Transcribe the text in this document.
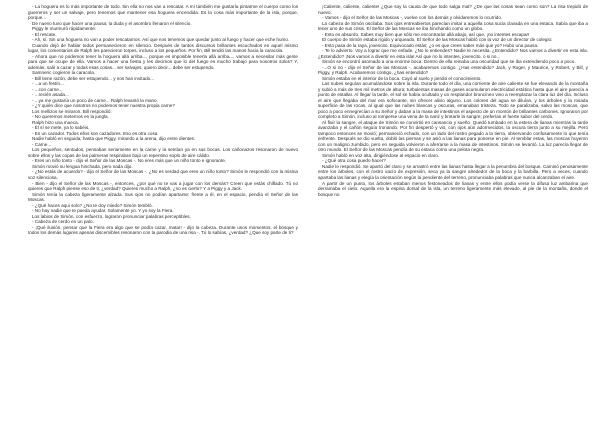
- La hoguera es lo más importante de todo. Sin ella no nos van a rescatar. A mí también me gustaría pintarme el cuerpo como los guerreros y ser un salvaje, pero tenemos que mantener esa hoguera encendida. Es la cosa más importante de la isla, porque, porque...

De nuevo tuvo que hacer una pausa; la duda y el asombro llenaron el silencio.

Piggy le murmuró rápidamente:

- El rescate.

- Ah, sí. Sin una hoguera no van a poder rescatarnos. Así que nos tenemos que quedar junto al fuego y hacer que eche humo.

Cuando dejó de hablar todos permanecieron en silencio. Después de tantos discursos brillantes escuchados en aquel mismo lugar, los comentarios de Ralph les parecieron torpes, incluso a los pequeños. Por fin, Bill tendió las manos hacia la caracola.

- Ahora que no podemos tener la hoguera allá arriba..., porque es imposible tenerla allá arriba..., vamos a necesitar más gente para que se ocupe de ella. Vamos a hacer una fiesta y les decimos que lo del fuego es mucho trabajo para nosotros solos? Y, además, salir a cazar y todas esas cosas... ser salvajes, quiero decir... debe ser estupendo.

Samneric cogieron la caracola.

- Bill tiene razón, debe ser estupendo... y nos han invitado...

- ...a un festín...

- ...con carne...

- ...recién asada...

- ...ya me gustaría un poco de carne... Ralph levantó la mano.

- ¿Y quién dice que nosotros no podemos tener nuestra propia carne?

Los mellizos se miraron. Bill respondió:

- No queremos meternos en la jungla.

Ralph hizo una mueca.

- Él sí se mete, ya lo sabéis.

- Es un cazador. Todos ellos son cazadores. Eso es otra cosa.

Nadie habló en seguida; hasta que Piggy, mirando a la arena, dijo entre dientes:

- Carne...

Los pequeños, sentados, pensaban seriamente en la carne y la sentían ya en sus bocas. Los cañonazos resonaron de nuevo sobre ellos y las copas de las palmeras respiraban bajo un repentino soplo de aire cálido.

- Eres un niño tonto - dijo el Señor de las Moscas -. No eres más que un niño tonto e ignorante.

Simón movió su lengua hinchada, pero nada dijo.

- ¿No estás de acuerdo? - dijo el Señor de las Moscas -. ¿No es verdad que eres un niño tonto? Simón le respondió con la misma voz silenciosa.

- Bien - dijo el Señor de las Moscas -, entonces, ¿por qué no te vas a jugar con los demás? Creen que estás chiflado. Tú no quieres que Ralph piense eso de ti, ¿verdad? Quieres mucho a Ralph, ¿no es cierto? Y a Piggy y a Jack.

Simón tenía la cabeza ligeramente alzada. Sus ojos no podían apartarse; frente a él, en el espacio, pendía el Señor de las Moscas.

- ¿Qué haces aqui solo? ¿No te doy miedo? Simón tembló.

- No hay nadie que te pueda ayudar. Solamente yo. Y yo soy la Fiera.

Los labios de Simón, con esfuerzo, lograron pronunciar palabras perceptibles.

- Cabeza de cerdo en un palo.

- ¡Qué ilusión, pensar que la Fiera era algo que se podía cazar, matar! - dijo la cabeza. Durante unos momentos, el bosque y todos los demás lugares apenas discernibles resonaron con la parodia de una risa -. Tú lo sabías, ¿verdad? ¿Que soy parte de ti?

¡Caliente, caliente, caliente! ¿Que soy la causa de que todo salga mal? ¿De que las cosas sean como son? La risa trepidó de nuevo.

- Vamos - dijo el Señor de las Moscas -, vuelve con los demás y olvidaremos lo ocurrido.

La cabeza de Simón oscilaba. Sus ojos entreabiertos parecían imitar a aquella cosa sucia clavada en una estaca. Sabía que iba a tener uno de sus crisis. El Señor de las Moscas se iba hinchando como un globo.

- Esto es absurdo. Sabes muy bien que sólo me encontrarás allá abajo, así que, ¡no intentes escapar!

El cuerpo de Simón estaba rígido y arqueado. El Señor de las Moscas habló con la voz de un director de colegio:

- Esto pasa de la raya, jovencito. Equivocado estás; ¿o es que crees saber más que yo? Hubo una pausa.

- Te lo advierto. Voy a lograr que me enfade. ¿No lo entiendes? Nadie te necesita. ¿Entendido? Nos vamos a divertir en esta isla. ¿Entendido? ¡Nos vamos a divertir en esta isla! Así que no lo intentes, jovencito, o si no...

Simón se encontró asomado a una enorme boca. Dentro de ella reinaba una oscuridad que se iba extendiendo poco a poco.

-...O si no - dijo el Señor de las Moscas -, acabaremos contigo. ¿Has entendido? Jack, y Roger, y Maurice, y Robert, y Bill, y Piggy, y Ralph. Acabaremos contigo, ¿has entendido?

Simón estaba en el interior de la boca. Cayó al suelo y perdió el conocimiento.

Las nubes seguían acumulándose sobre la isla. Durante todo el día, una corriente de aire caliente se fue elevando de la montaña y subió a más de tres mil metros de altura; turbulentas masas de gases acumularon electricidad estática hasta que el aire parecía a punto de estallar. Al llegar la tarde, el sol se había ocultado y un resplandor broncíneo vino a reemplazar la clara luz del día. Incluso el aire que llegaba del mar era sofocante, sin ofrecer alivio alguno. Los colores del agua se diluían, y los árboles y la rosada superficie de las rocas, al igual que las nubes blancas y oscuras, emanaban tristeza. Todo se paralizaba, salvo las moscas, que poco a poco ennegrecían a su Señor y daban a la masa de intestinos el aspecto de un montón de brillantes carbones. Ignoraron por completo a Simón, incluso al romperse una vena de la nariz y brotarle la sangre; preferían el fuerte sabor del cerdo.

Al fluir la sangre, el ataque de Simón se convirtió en cansancio y sueño. Quedó tumbado en la estera de lianas mientras la tarde avanzaba y el cañón seguía tronando. Por fin despertó y vio, con ojos aún adormecidos, la oscura tierra junto a su mejilla. Pero tampoco entonces se movió; permaneció echado, con un lado del rostro pegado a la tierra, observando confusamente lo que tenía enfrente. Después se dio vuelta, dobló las piernas y se asió a las lianas para ponerse en pie. Al temblar estas, las moscas huyeron con un maligno zumbido, pero en seguida volvieron a aferrarse a la masa de intestinos. Simón se levantó. La luz parecía llegar de otro mundo. El Señor de las Moscas pendía de su estaca como una pelota negra.

Simón habló en voz alta, dirigiéndose al espacio en claro.

- ¿Qué otra cosa puedo hacer?

Nadie le respondió. Se apartó del claro y se arrastró entre las lianas hasta llegar a la penumbra del bosque. Caminó penosamente entre los árboles, con el rostro vacío de expresión, seca ya la sangre alrededor de la boca y la barbilla. Pero a veces, cuando apartaba las lianas y elegía la orientación según la pendiente del terreno, pronunciaba palabras que nunca alcanzaban el aire.

A partir de un punto, los árboles estaban menos festoneados de lianas y entre ellos podía verse la difusa luz ambarina que derramaba el cielo. Aquella era la espina dorsal de la isla, un terreno ligeramente más elevado, al pie de la montaña, donde el bosque no
